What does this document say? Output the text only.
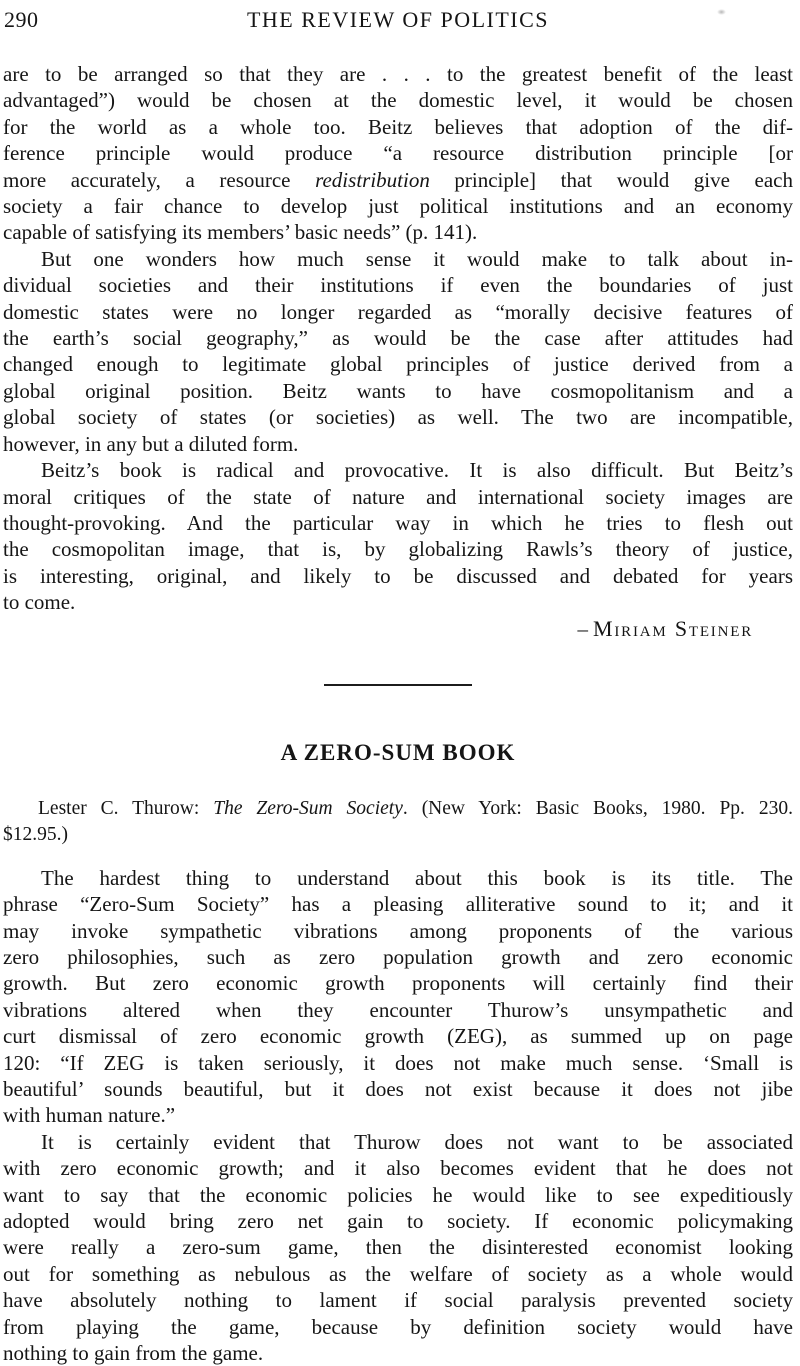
290	THE REVIEW OF POLITICS
are to be arranged so that they are . . . to the greatest benefit of the least
advantaged”) would be chosen at the domestic level, it would be chosen
for the world as a whole too. Beitz believes that adoption of the dif-
ference principle would produce “a resource distribution principle [or
more accurately, a resource redistribution principle] that would give each
society a fair chance to develop just political institutions and an economy
capable of satisfying its members’ basic needs” (p. 141).
But one wonders how much sense it would make to talk about in-
dividual societies and their institutions if even the boundaries of just
domestic states were no longer regarded as “morally decisive features of
the earth’s social geography,” as would be the case after attitudes had
changed enough to legitimate global principles of justice derived from a
global original position. Beitz wants to have cosmopolitanism and a
global society of states (or societies) as well. The two are incompatible,
however, in any but a diluted form.
Beitz’s book is radical and provocative. It is also difficult. But Beitz’s
moral critiques of the state of nature and international society images are
thought-provoking. And the particular way in which he tries to flesh out
the cosmopolitan image, that is, by globalizing Rawls’s theory of justice,
is interesting, original, and likely to be discussed and debated for years
to come.
– Miriam Steiner
A ZERO-SUM BOOK
Lester C. Thurow: The Zero-Sum Society. (New York: Basic Books, 1980. Pp. 230.
$12.95.)
The hardest thing to understand about this book is its title. The
phrase “Zero-Sum Society” has a pleasing alliterative sound to it; and it
may invoke sympathetic vibrations among proponents of the various
zero philosophies, such as zero population growth and zero economic
growth. But zero economic growth proponents will certainly find their
vibrations altered when they encounter Thurow’s unsympathetic and
curt dismissal of zero economic growth (ZEG), as summed up on page
120: “If ZEG is taken seriously, it does not make much sense. ‘Small is
beautiful’ sounds beautiful, but it does not exist because it does not jibe
with human nature.”
It is certainly evident that Thurow does not want to be associated
with zero economic growth; and it also becomes evident that he does not
want to say that the economic policies he would like to see expeditiously
adopted would bring zero net gain to society. If economic policymaking
were really a zero-sum game, then the disinterested economist looking
out for something as nebulous as the welfare of society as a whole would
have absolutely nothing to lament if social paralysis prevented society
from playing the game, because by definition society would have
nothing to gain from the game.
